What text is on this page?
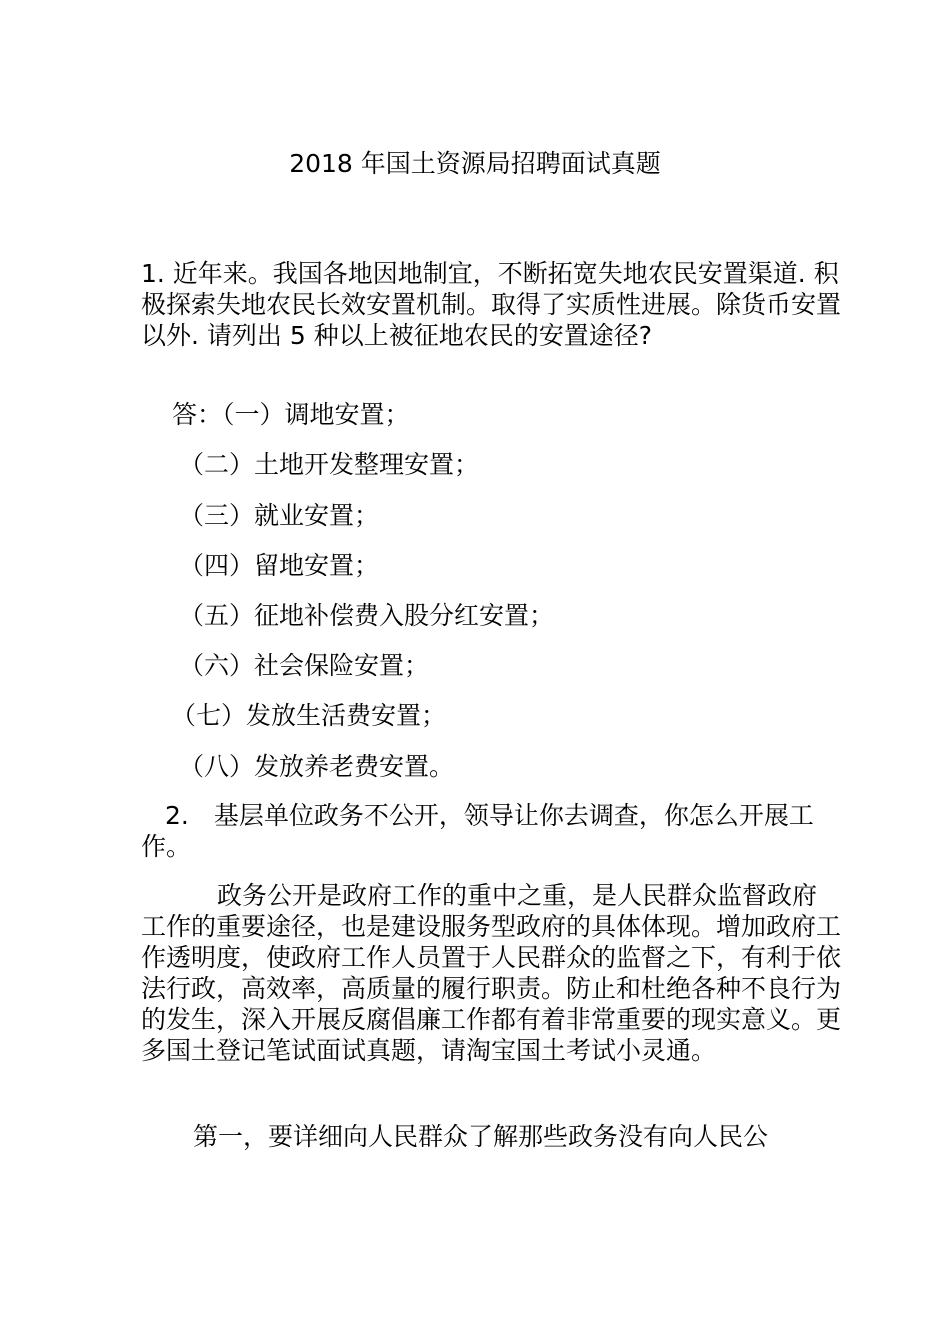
2018 年国土资源局招聘面试真题

1. 近年来。我国各地因地制宜，不断拓宽失地农民安置渠道. 积极探索失地农民长效安置机制。取得了实质性进展。除货币安置以外. 请列出 5 种以上被征地农民的安置途径?

答：（一）调地安置；
（二）土地开发整理安置；
（三）就业安置；
（四）留地安置；
（五）征地补偿费入股分红安置；
（六）社会保险安置；
（七）发放生活费安置；
（八）发放养老费安置。

2.　基层单位政务不公开，领导让你去调查，你怎么开展工作。

政务公开是政府工作的重中之重，是人民群众监督政府工作的重要途径，也是建设服务型政府的具体体现。增加政府工作透明度，使政府工作人员置于人民群众的监督之下，有利于依法行政，高效率，高质量的履行职责。防止和杜绝各种不良行为的发生，深入开展反腐倡廉工作都有着非常重要的现实意义。更多国土登记笔试面试真题，请淘宝国土考试小灵通。

第一，要详细向人民群众了解那些政务没有向人民公
